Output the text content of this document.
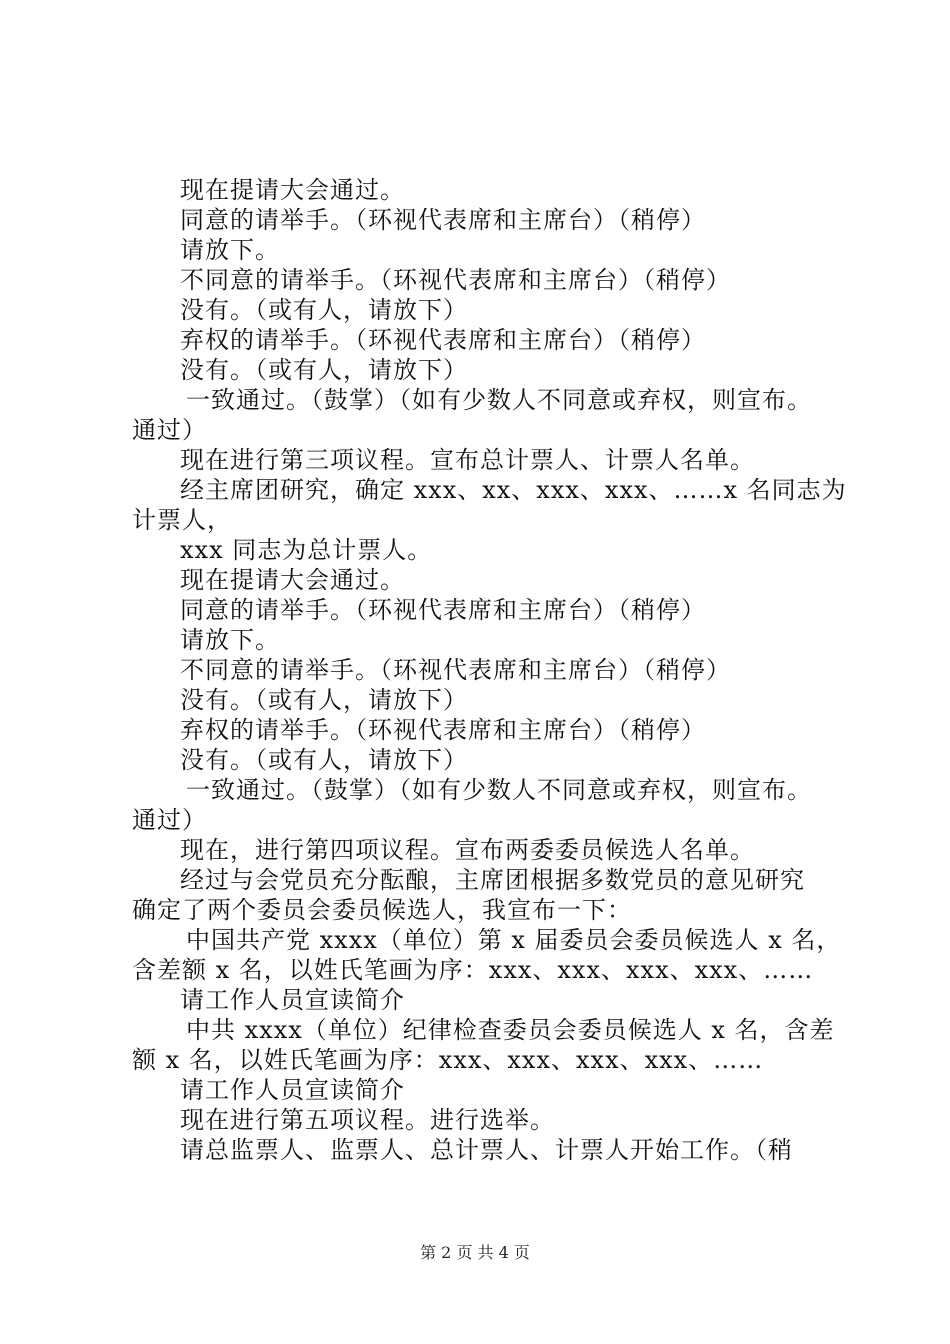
现在提请大会通过。
同意的请举手。（环视代表席和主席台）（稍停）
请放下。
不同意的请举手。（环视代表席和主席台）（稍停）
没有。（或有人，请放下）
弃权的请举手。（环视代表席和主席台）（稍停）
没有。（或有人，请放下）
一致通过。（鼓掌）（如有少数人不同意或弃权，则宣布。
通过）
现在进行第三项议程。宣布总计票人、计票人名单。
经主席团研究，确定 xxx、xx、xxx、xxx、……x 名同志为
计票人，
xxx 同志为总计票人。
现在提请大会通过。
同意的请举手。（环视代表席和主席台）（稍停）
请放下。
不同意的请举手。（环视代表席和主席台）（稍停）
没有。（或有人，请放下）
弃权的请举手。（环视代表席和主席台）（稍停）
没有。（或有人，请放下）
一致通过。（鼓掌）（如有少数人不同意或弃权，则宣布。
通过）
现在，进行第四项议程。宣布两委委员候选人名单。
经过与会党员充分酝酿，主席团根据多数党员的意见研究
确定了两个委员会委员候选人，我宣布一下：
中国共产党 xxxx（单位）第 x 届委员会委员候选人 x 名，
含差额 x 名，以姓氏笔画为序：xxx、xxx、xxx、xxx、……
请工作人员宣读简介
中共 xxxx（单位）纪律检查委员会委员候选人 x 名，含差
额 x 名，以姓氏笔画为序：xxx、xxx、xxx、xxx、……
请工作人员宣读简介
现在进行第五项议程。进行选举。
请总监票人、监票人、总计票人、计票人开始工作。（稍
第 2 页 共 4 页
